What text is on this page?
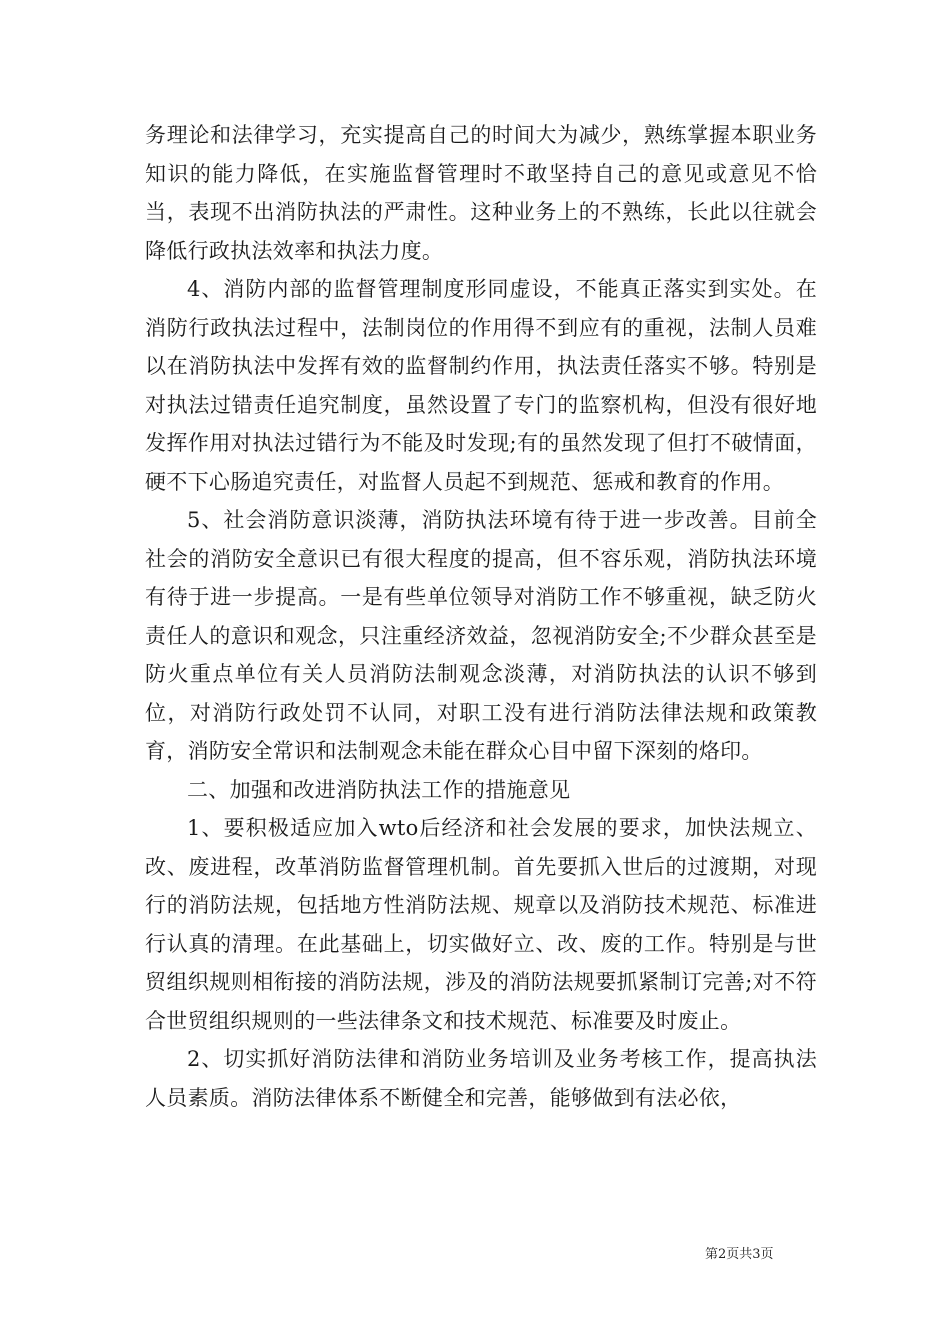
务理论和法律学习，充实提高自己的时间大为减少，熟练掌握本职业务知识的能力降低，在实施监督管理时不敢坚持自己的意见或意见不恰当，表现不出消防执法的严肃性。这种业务上的不熟练，长此以往就会降低行政执法效率和执法力度。

4、消防内部的监督管理制度形同虚设，不能真正落实到实处。在消防行政执法过程中，法制岗位的作用得不到应有的重视，法制人员难以在消防执法中发挥有效的监督制约作用，执法责任落实不够。特别是对执法过错责任追究制度，虽然设置了专门的监察机构，但没有很好地发挥作用对执法过错行为不能及时发现;有的虽然发现了但打不破情面，硬不下心肠追究责任，对监督人员起不到规范、惩戒和教育的作用。

5、社会消防意识淡薄，消防执法环境有待于进一步改善。目前全社会的消防安全意识已有很大程度的提高，但不容乐观，消防执法环境有待于进一步提高。一是有些单位领导对消防工作不够重视，缺乏防火责任人的意识和观念，只注重经济效益，忽视消防安全;不少群众甚至是防火重点单位有关人员消防法制观念淡薄，对消防执法的认识不够到位，对消防行政处罚不认同，对职工没有进行消防法律法规和政策教育，消防安全常识和法制观念未能在群众心目中留下深刻的烙印。

二、加强和改进消防执法工作的措施意见

1、要积极适应加入wto后经济和社会发展的要求，加快法规立、改、废进程，改革消防监督管理机制。首先要抓入世后的过渡期，对现行的消防法规，包括地方性消防法规、规章以及消防技术规范、标准进行认真的清理。在此基础上，切实做好立、改、废的工作。特别是与世贸组织规则相衔接的消防法规，涉及的消防法规要抓紧制订完善;对不符合世贸组织规则的一些法律条文和技术规范、标准要及时废止。

2、切实抓好消防法律和消防业务培训及业务考核工作，提高执法人员素质。消防法律体系不断健全和完善，能够做到有法必依，

第2页共3页
